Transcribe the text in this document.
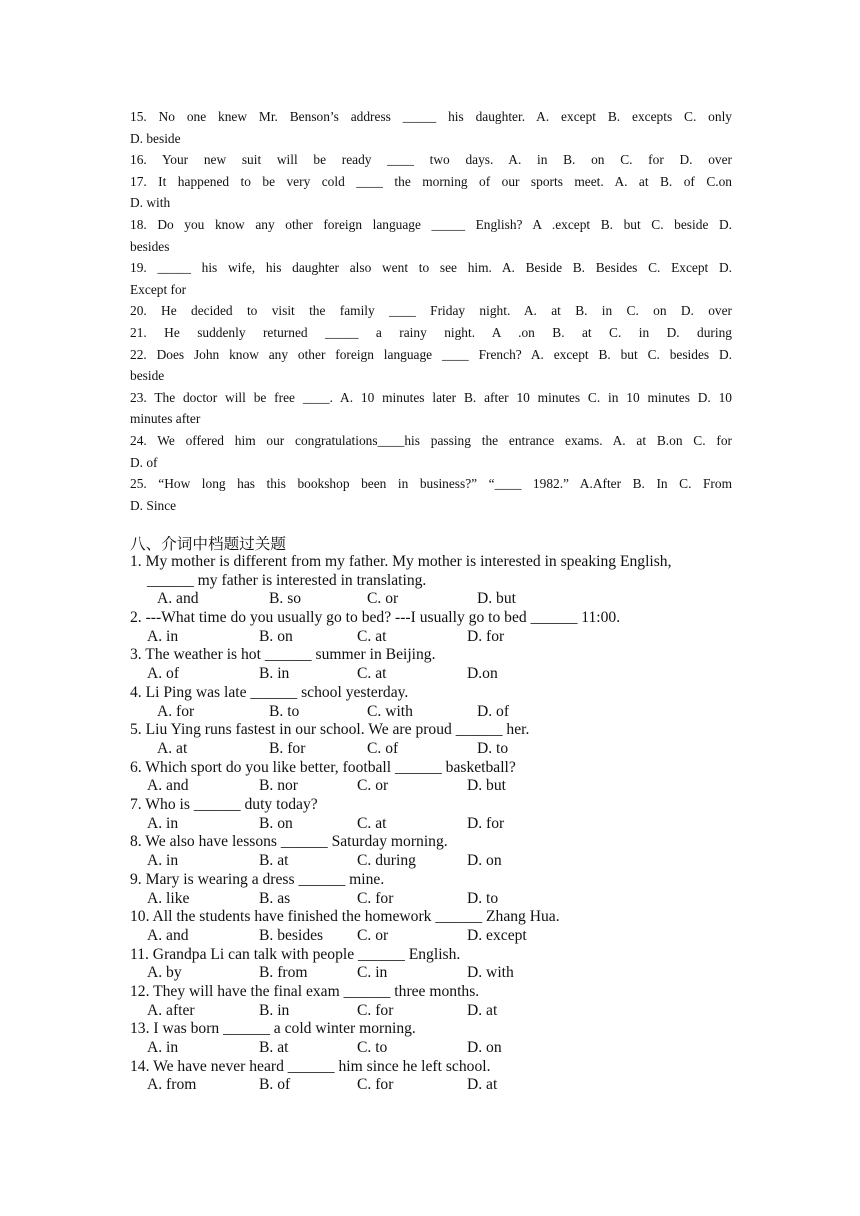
15. No one knew Mr. Benson’s address _____ his daughter. A. except B. excepts C. only
D. beside
16. Your new suit will be ready ____ two days. A. in B. on C. for D. over
17. It happened to be very cold ____ the morning of our sports meet. A. at B. of C.on
D. with
18. Do you know any other foreign language _____ English? A .except B. but C. beside D.
besides
19. _____ his wife, his daughter also went to see him. A. Beside B. Besides C. Except D.
Except for
20. He decided to visit the family ____ Friday night. A. at B. in C. on D. over
21. He suddenly returned _____ a rainy night. A .on B. at C. in D. during
22. Does John know any other foreign language ____ French? A. except B. but C. besides D.
beside
23. The doctor will be free ____. A. 10 minutes later B. after 10 minutes C. in 10 minutes D. 10
minutes after
24. We offered him our congratulations____his passing the entrance exams. A. at B.on C. for
D. of
25. “How long has this bookshop been in business?” “____ 1982.” A.After B. In C. From
D. Since
八、介词中档题过关题
1. My mother is different from my father. My mother is interested in speaking English,
______ my father is interested in translating.
A. and	B. so	C. or	D. but
2. ---What time do you usually go to bed? ---I usually go to bed ______ 11:00.
A. in	B. on	C. at	D. for
3. The weather is hot ______ summer in Beijing.
A. of	B. in	C. at	D.on
4. Li Ping was late ______ school yesterday.
A. for	B. to	C. with	D. of
5. Liu Ying runs fastest in our school. We are proud ______ her.
A. at	B. for	C. of	D. to
6. Which sport do you like better, football ______ basketball?
A. and	B. nor	C. or	D. but
7. Who is ______ duty today?
A. in	B. on	C. at	D. for
8. We also have lessons ______ Saturday morning.
A. in	B. at	C. during	D. on
9. Mary is wearing a dress ______ mine.
A. like	B. as	C. for	D. to
10. All the students have finished the homework ______ Zhang Hua.
A. and	B. besides C. or	D. except
11. Grandpa Li can talk with people ______ English.
A. by	B. from	C. in	D. with
12. They will have the final exam ______ three months.
A. after	B. in	C. for	D. at
13. I was born ______ a cold winter morning.
A. in	B. at	C. to	D. on
14. We have never heard ______ him since he left school.
A. from	B. of	C. for	D. at
